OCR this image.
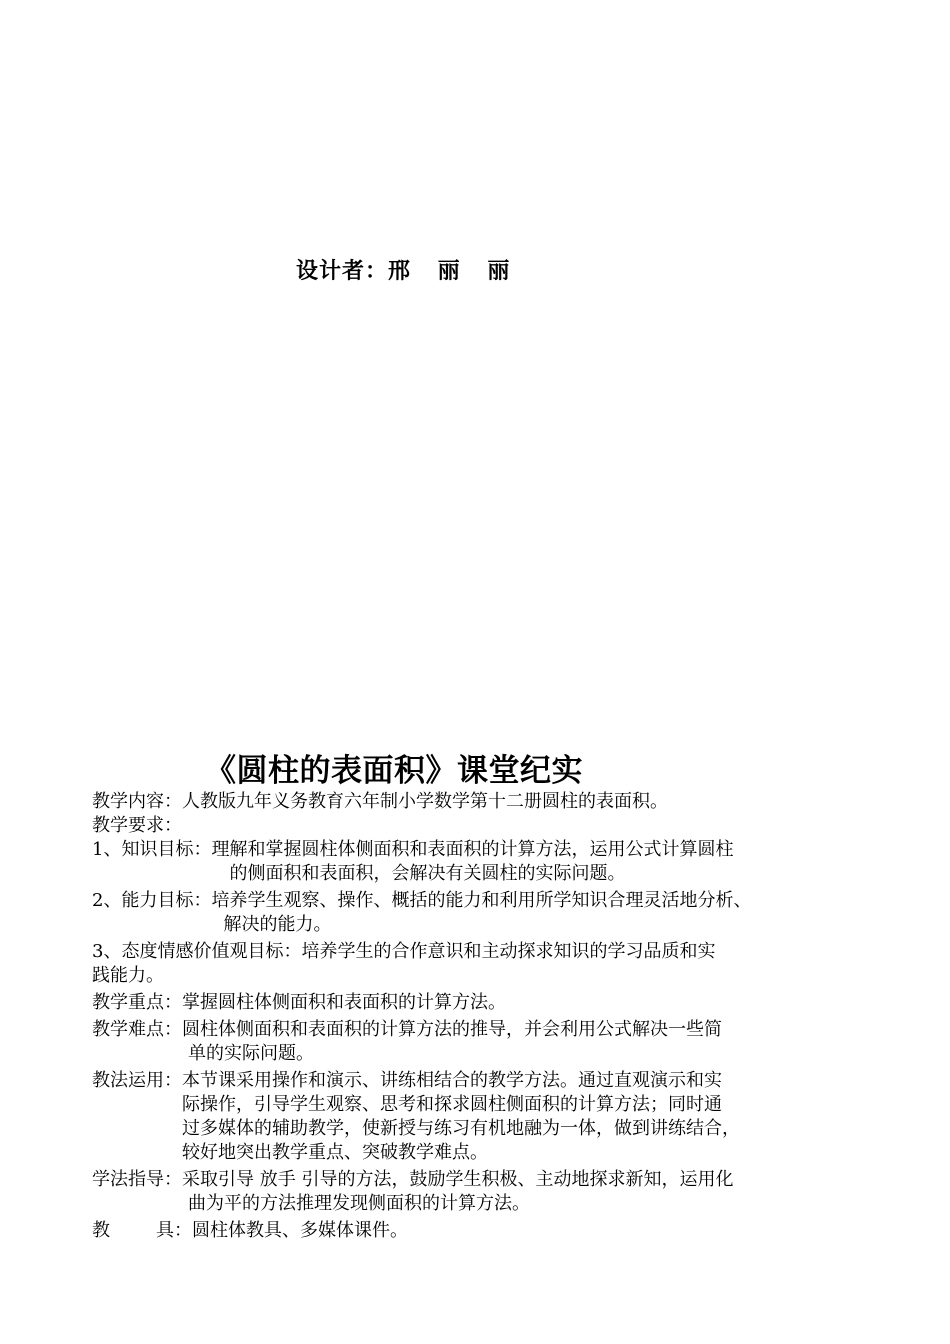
设计者：邢 丽 丽
《圆柱的表面积》课堂纪实
教学内容： 人教版九年义务教育六年制小学数学第十二册圆柱的表面积。
教学要求：
1、知识目标： 理解和掌握圆柱体侧面积和表面积的计算方法，运用公式计算圆柱
的侧面积和表面积，会解决有关圆柱的实际问题。
2、能力目标： 培养学生观察、操作、概括的能力和利用所学知识合理灵活地分析、
解决的能力。
3、态度情感价值观目标：培养学生的合作意识和主动探求知识的学习品质和实
践能力。
教学重点： 掌握圆柱体侧面积和表面积的计算方法。
教学难点： 圆柱体侧面积和表面积的计算方法的推导，并会利用公式解决一些简
单的实际问题。
教法运用： 本节课采用操作和演示、讲练相结合的教学方法。通过直观演示和实
际操作，引导学生观察、思考和探求圆柱侧面积的计算方法；同时通
过多媒体的辅助教学，使新授与练习有机地融为一体，做到讲练结合，
较好地突出教学重点、突破教学难点。
学法指导： 采取引导 放手 引导的方法，鼓励学生积极、主动地探求新知，运用化
曲为平的方法推理发现侧面积的计算方法。
教	具： 圆柱体教具、多媒体课件。
